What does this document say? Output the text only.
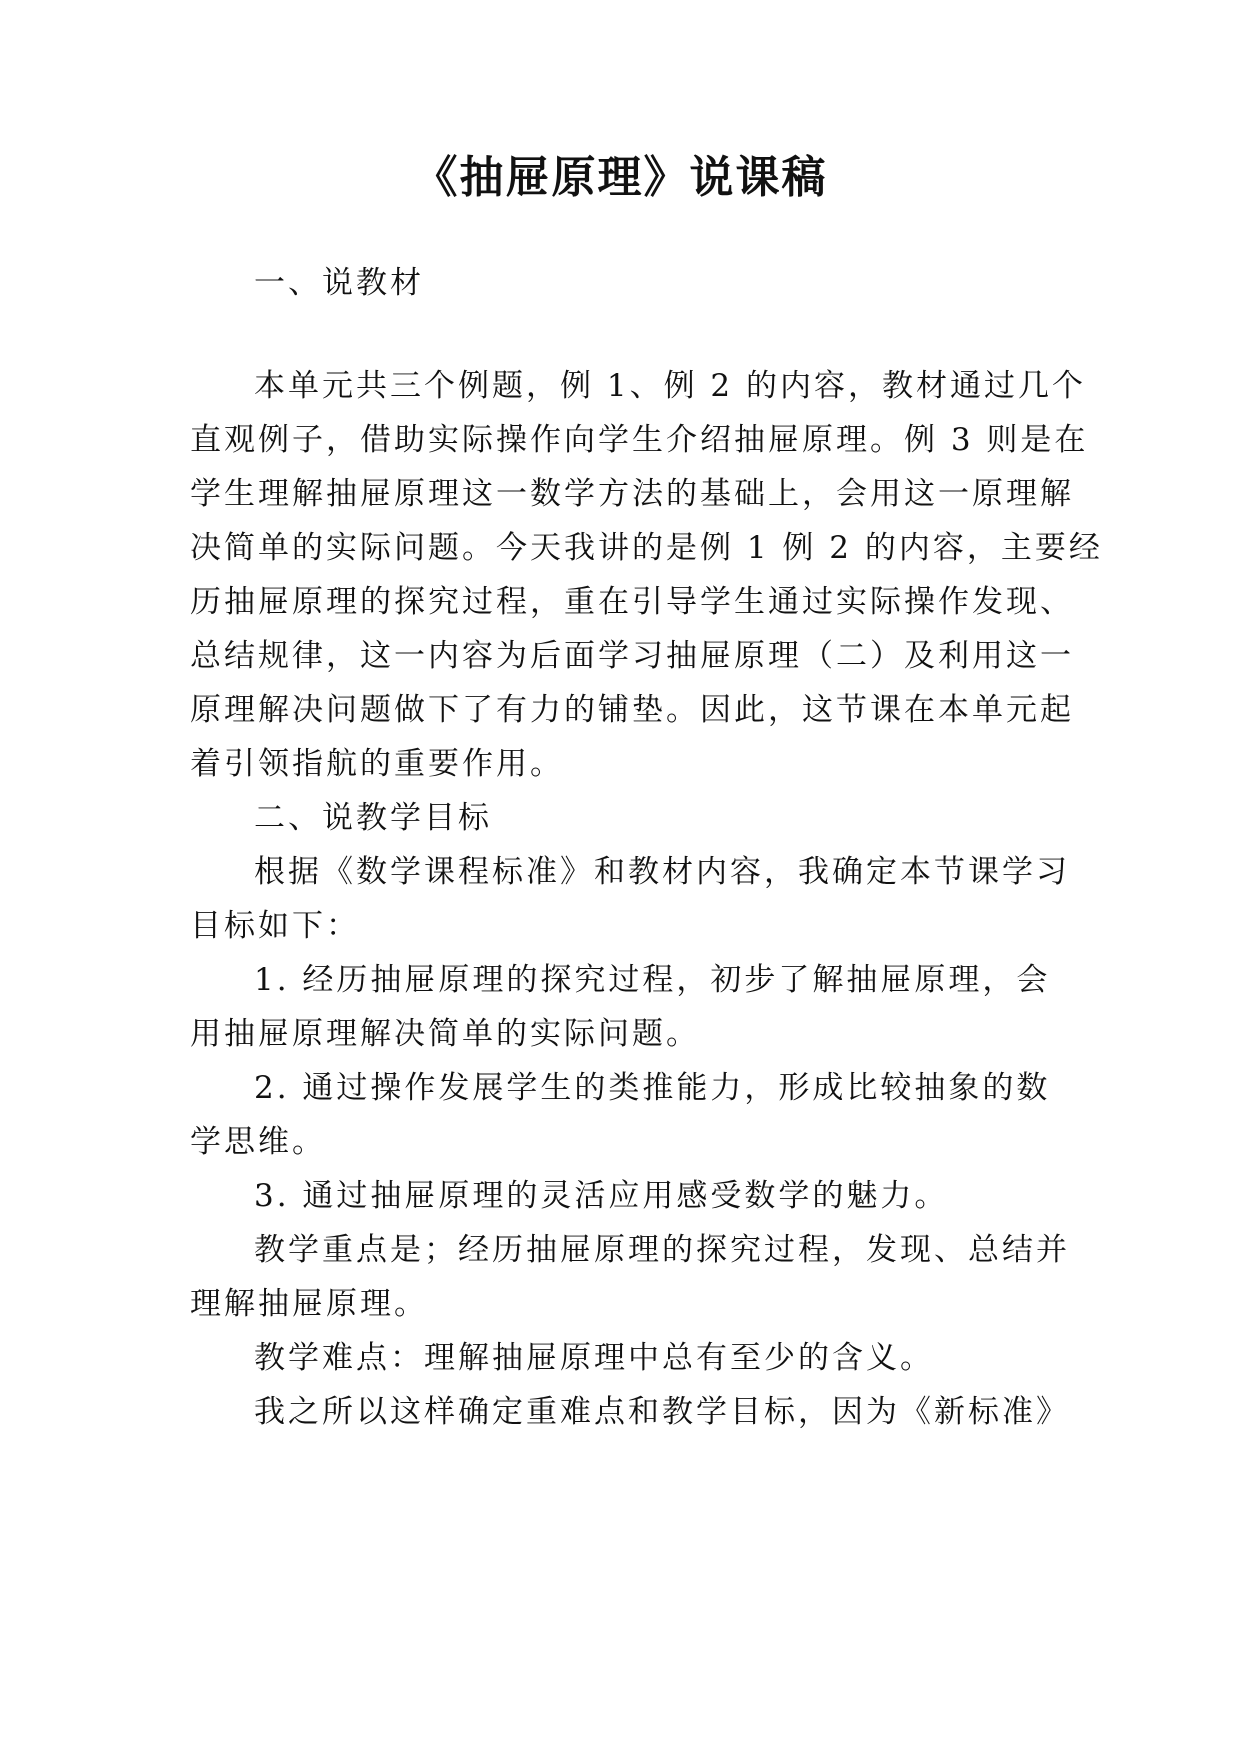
《抽屉原理》说课稿

一、说教材

本单元共三个例题，例 1、例 2 的内容，教材通过几个

直观例子，借助实际操作向学生介绍抽屉原理。例 3 则是在

学生理解抽屉原理这一数学方法的基础上，会用这一原理解

决简单的实际问题。今天我讲的是例 1 例 2 的内容，主要经

历抽屉原理的探究过程，重在引导学生通过实际操作发现、

总结规律，这一内容为后面学习抽屉原理（二）及利用这一

原理解决问题做下了有力的铺垫。因此，这节课在本单元起

着引领指航的重要作用。

二、说教学目标

根据《数学课程标准》和教材内容，我确定本节课学习

目标如下：

1. 经历抽屉原理的探究过程，初步了解抽屉原理，会

用抽屉原理解决简单的实际问题。

2. 通过操作发展学生的类推能力，形成比较抽象的数

学思维。

3. 通过抽屉原理的灵活应用感受数学的魅力。

教学重点是；经历抽屉原理的探究过程，发现、总结并

理解抽屉原理。

教学难点：理解抽屉原理中总有至少的含义。

我之所以这样确定重难点和教学目标，因为《新标准》
